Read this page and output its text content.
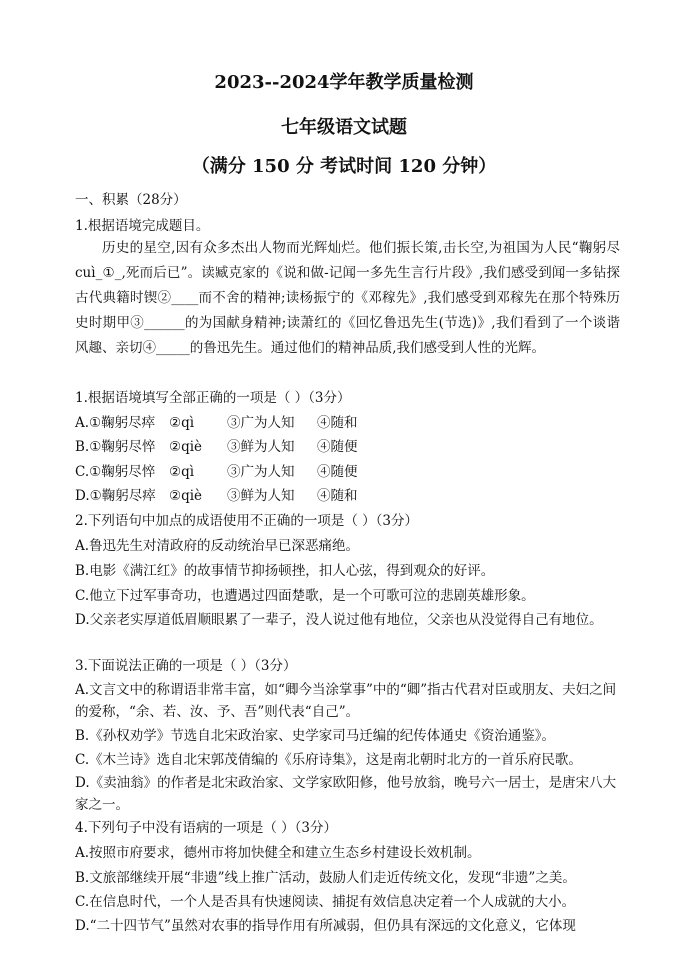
2023--2024学年教学质量检测
七年级语文试题
（满分 150 分 考试时间 120 分钟）
一、积累（28分）
1.根据语境完成题目。
历史的星空,因有众多杰出人物而光辉灿烂。他们振长策,击长空,为祖国为人民“鞠躬尽 cuì_①_,死而后已”。读臧克家的《说和做-记闻一多先生言行片段》,我们感受到闻一多钻探古代典籍时锲②____而不舍的精神;读杨振宁的《邓稼先》,我们感受到邓稼先在那个特殊历史时期甲③______的为国献身精神;读萧红的《回忆鲁迅先生(节选)》,我们看到了一个谈谐风趣、亲切④_____的鲁迅先生。通过他们的精神品质,我们感受到人性的光辉。
1.根据语境填写全部正确的一项是（ ）（3分）
A.①鞠躬尽瘁 ②qì ③广为人知 ④随和
B.①鞠躬尽悴 ②qiè ③鲜为人知 ④随便
C.①鞠躬尽悴 ②qì ③广为人知 ④随便
D.①鞠躬尽瘁 ②qiè ③鲜为人知 ④随和
2.下列语句中加点的成语使用不正确的一项是（ ）（3分）
A.鲁迅先生对清政府的反动统治早已深恶痛绝。
B.电影《满江红》的故事情节抑扬顿挫，扣人心弦，得到观众的好评。
C.他立下过军事奇功，也遭遇过四面楚歌，是一个可歌可泣的悲剧英雄形象。
D.父亲老实厚道低眉顺眼累了一辈子，没人说过他有地位，父亲也从没觉得自己有地位。
3.下面说法正确的一项是（ ）（3分）
A.文言文中的称谓语非常丰富，如“卿今当涂掌事”中的“卿”指古代君对臣或朋友、夫妇之间的爱称，“余、若、汝、予、吾”则代表“自己”。
B.《孙权劝学》节选自北宋政治家、史学家司马迁编的纪传体通史《资治通鉴》。
C.《木兰诗》选自北宋郭茂倩编的《乐府诗集》，这是南北朝时北方的一首乐府民歌。
D.《卖油翁》的作者是北宋政治家、文学家欧阳修，他号放翁，晚号六一居士，是唐宋八大家之一。
4.下列句子中没有语病的一项是（ ）（3分）
A.按照市府要求，德州市将加快健全和建立生态乡村建设长效机制。
B.文旅部继续开展“非遗”线上推广活动，鼓励人们走近传统文化，发现“非遗”之美。
C.在信息时代，一个人是否具有快速阅读、捕捉有效信息决定着一个人成就的大小。
D.“二十四节气”虽然对农事的指导作用有所减弱，但仍具有深远的文化意义，它体现
